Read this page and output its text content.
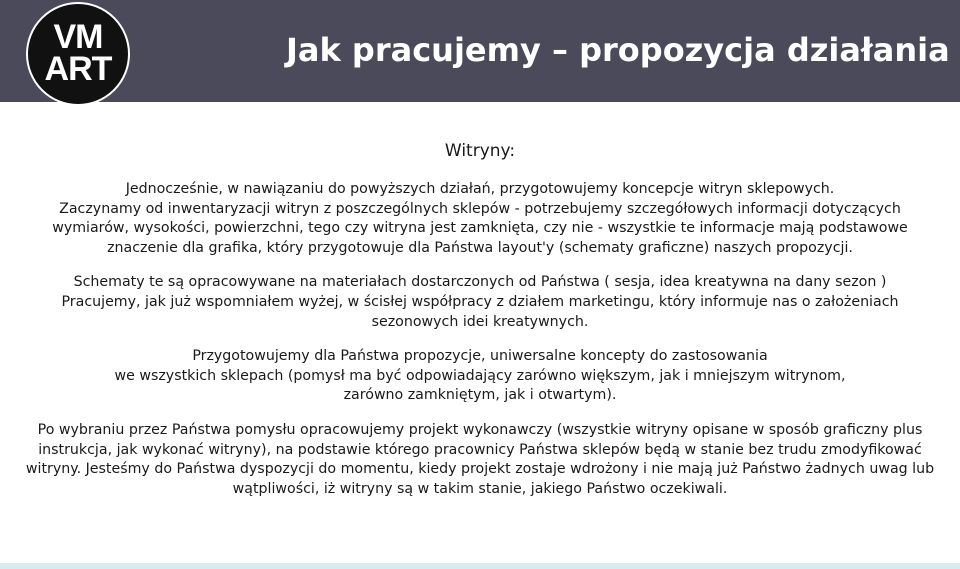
Jak pracujemy – propozycja działania
VM
ART
Witryny:

Jednocześnie, w nawiązaniu do powyższych działań, przygotowujemy koncepcje witryn sklepowych.
Zaczynamy od inwentaryzacji witryn z poszczególnych sklepów - potrzebujemy szczegółowych informacji dotyczących
wymiarów, wysokości, powierzchni, tego czy witryna jest zamknięta, czy nie - wszystkie te informacje mają podstawowe
znaczenie dla grafika, który przygotowuje dla Państwa layout'y (schematy graficzne) naszych propozycji.

Schematy te są opracowywane na materiałach dostarczonych od Państwa ( sesja, idea kreatywna na dany sezon )
Pracujemy, jak już wspomniałem wyżej, w ścisłej współpracy z działem marketingu, który informuje nas o założeniach
sezonowych idei kreatywnych.

Przygotowujemy dla Państwa propozycje, uniwersalne koncepty do zastosowania
we wszystkich sklepach (pomysł ma być odpowiadający zarówno większym, jak i mniejszym witrynom,
zarówno zamkniętym, jak i otwartym).

Po wybraniu przez Państwa pomysłu opracowujemy projekt wykonawczy (wszystkie witryny opisane w sposób graficzny plus
instrukcja, jak wykonać witryny), na podstawie którego pracownicy Państwa sklepów będą w stanie bez trudu zmodyfikować
witryny. Jesteśmy do Państwa dyspozycji do momentu, kiedy projekt zostaje wdrożony i nie mają już Państwo żadnych uwag lub
wątpliwości, iż witryny są w takim stanie, jakiego Państwo oczekiwali.
